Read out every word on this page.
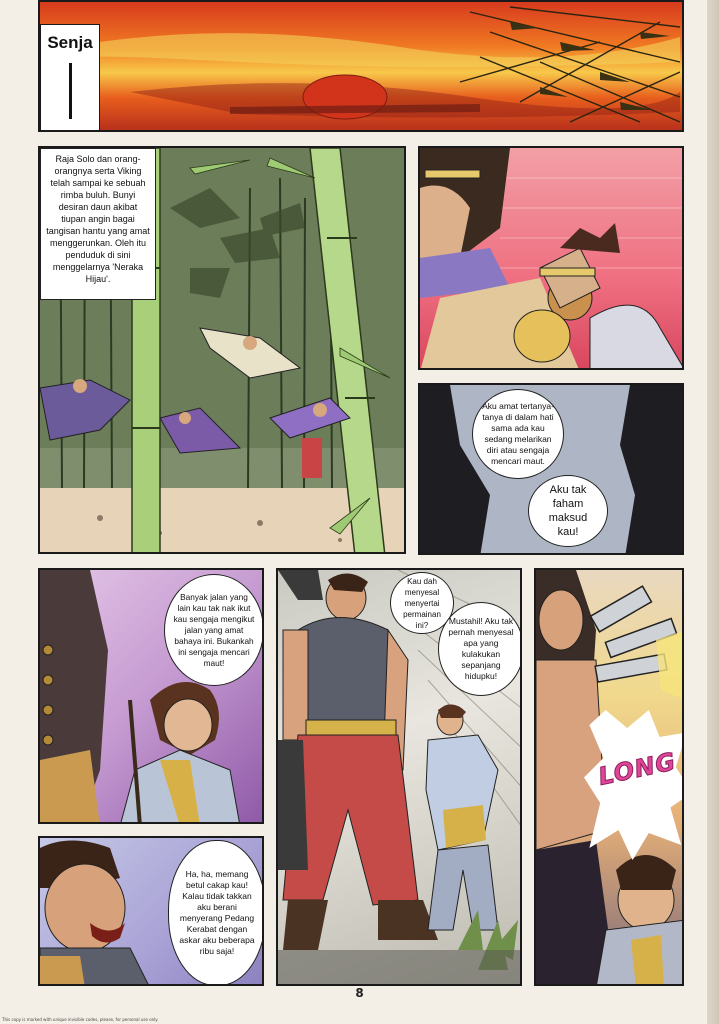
Senja
Raja Solo dan orang-orangnya serta Viking telah sampai ke sebuah rimba buluh. Bunyi desiran daun akibat tiupan angin bagai tangisan hantu yang amat menggerunkan. Oleh itu penduduk di sini menggelarnya 'Neraka Hijau'.
Aku amat tertanya-tanya di dalam hati sama ada kau sedang melarikan diri atau sengaja mencari maut.
Aku tak faham maksud kau!
Banyak jalan yang lain kau tak nak ikut kau sengaja mengikut jalan yang amat bahaya ini. Bukankah ini sengaja mencari maut!
Kau dah menyesal menyertai permainan ini?	Mustahil! Aku tak pernah menyesal apa yang kulakukan sepanjang hidupku!
LONG
Ha, ha, memang betul cakap kau! Kalau tidak takkan aku berani menyerang Pedang Kerabat dengan askar aku beberapa ribu saja!
8
This copy is marked with unique invisible codes, please, for personal use only.
